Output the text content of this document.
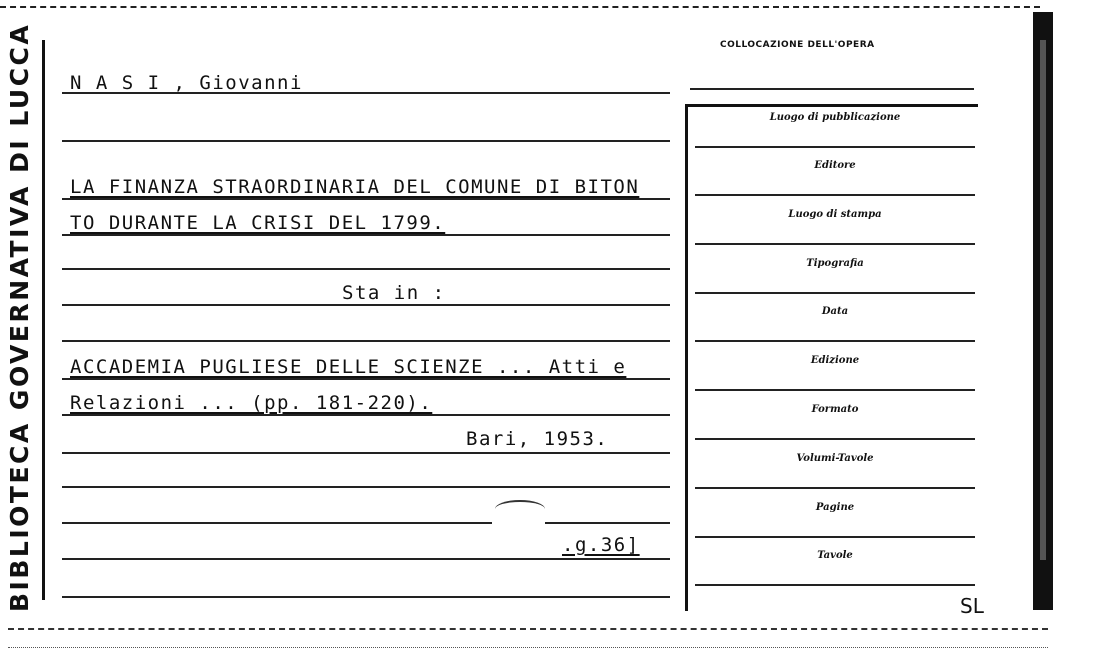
BIBLIOTECA GOVERNATIVA DI LUCCA N A S I , Giovanni
LA FINANZA STRAORDINARIA DEL COMUNE DI BITON
TO DURANTE LA CRISI DEL 1799.
Sta in :
ACCADEMIA PUGLIESE DELLE SCIENZE ... Atti e
Relazioni ... (pp. 181-220).
Bari, 1953.
.g.36]
SL
COLLOCAZIONE DELL'OPERA
Luogo di pubblicazione
Editore
Luogo di stampa
Tipografia
Data
Edizione
Formato
Volumi-Tavole
Pagine
Tavole
